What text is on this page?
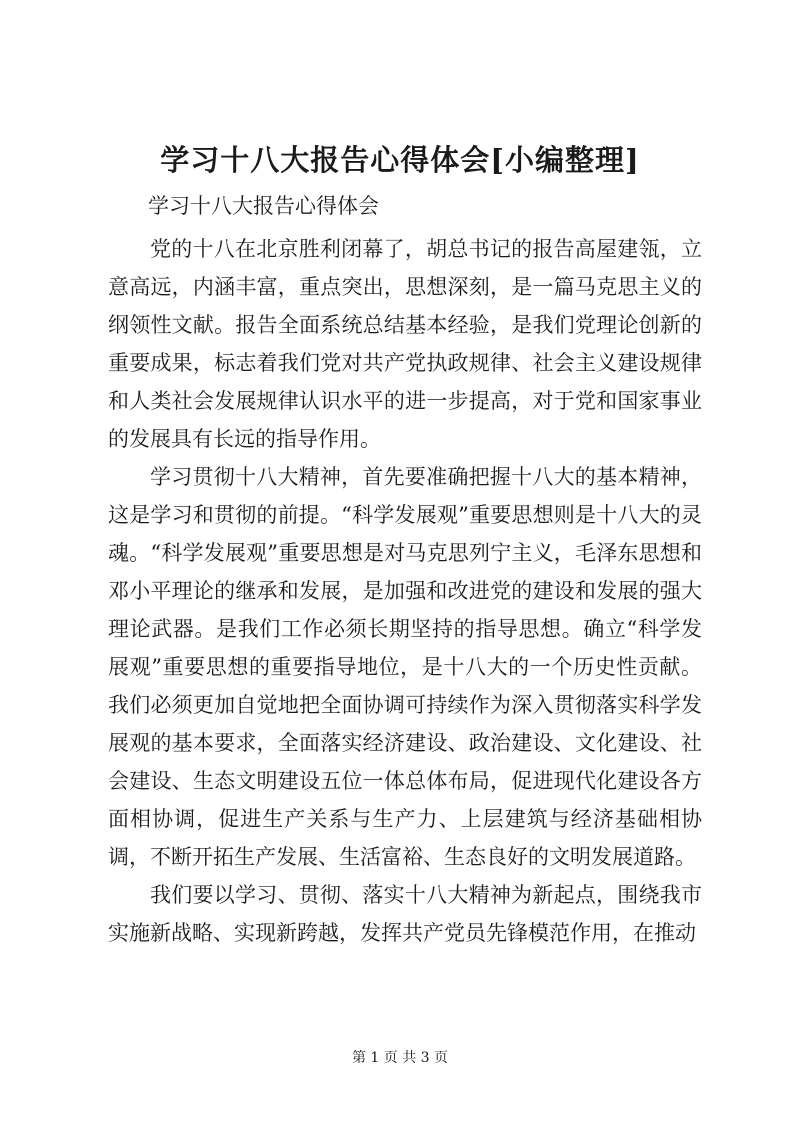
学习十八大报告心得体会[小编整理]
学习十八大报告心得体会

党的十八在北京胜利闭幕了，胡总书记的报告高屋建瓴，立意高远，内涵丰富，重点突出，思想深刻，是一篇马克思主义的纲领性文献。报告全面系统总结基本经验，是我们党理论创新的重要成果，标志着我们党对共产党执政规律、社会主义建设规律和人类社会发展规律认识水平的进一步提高，对于党和国家事业的发展具有长远的指导作用。

学习贯彻十八大精神，首先要准确把握十八大的基本精神，这是学习和贯彻的前提。“科学发展观”重要思想则是十八大的灵魂。“科学发展观”重要思想是对马克思列宁主义，毛泽东思想和邓小平理论的继承和发展，是加强和改进党的建设和发展的强大理论武器。是我们工作必须长期坚持的指导思想。确立“科学发展观”重要思想的重要指导地位，是十八大的一个历史性贡献。我们必须更加自觉地把全面协调可持续作为深入贯彻落实科学发展观的基本要求，全面落实经济建设、政治建设、文化建设、社会建设、生态文明建设五位一体总体布局，促进现代化建设各方面相协调，促进生产关系与生产力、上层建筑与经济基础相协调，不断开拓生产发展、生活富裕、生态良好的文明发展道路。

我们要以学习、贯彻、落实十八大精神为新起点，围绕我市实施新战略、实现新跨越，发挥共产党员先锋模范作用，在推动

第 1 页 共 3 页
